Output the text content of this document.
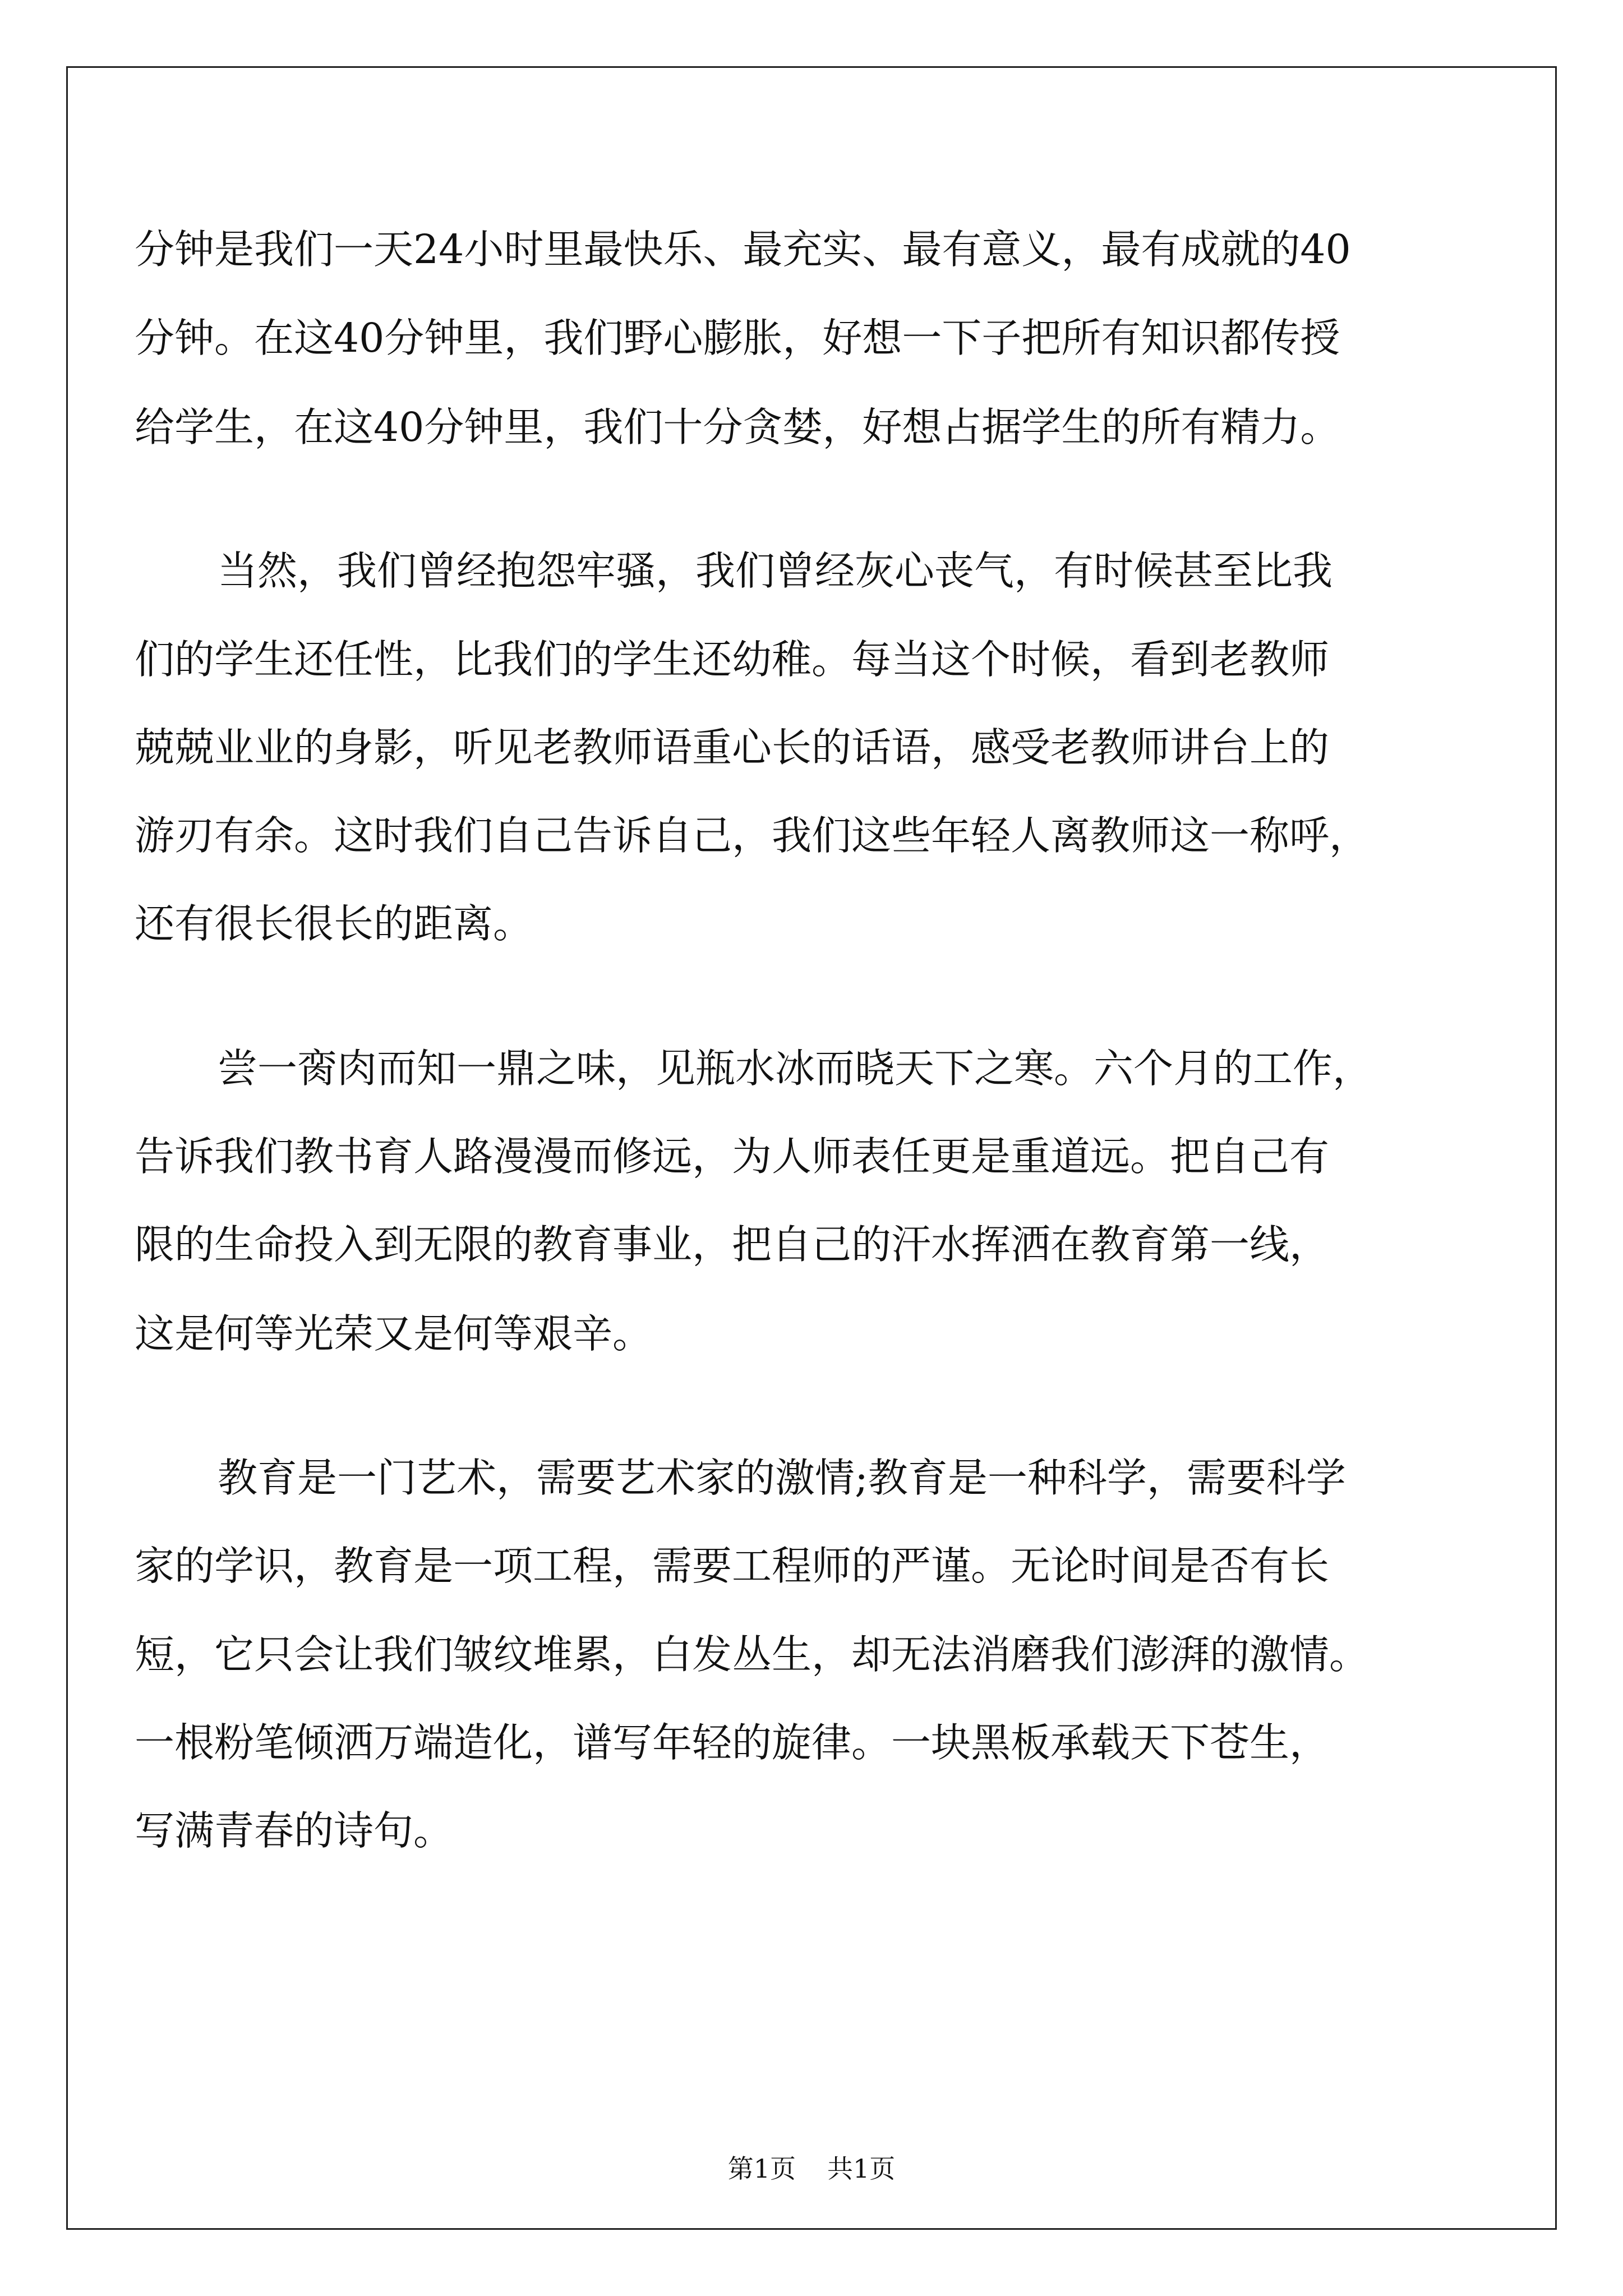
分钟是我们一天24小时里最快乐、最充实、最有意义，最有成就的40
分钟。在这40分钟里，我们野心膨胀，好想一下子把所有知识都传授
给学生，在这40分钟里，我们十分贪婪，好想占据学生的所有精力。
当然，我们曾经抱怨牢骚，我们曾经灰心丧气，有时候甚至比我
们的学生还任性，比我们的学生还幼稚。每当这个时候，看到老教师
兢兢业业的身影，听见老教师语重心长的话语，感受老教师讲台上的
游刃有余。这时我们自己告诉自己，我们这些年轻人离教师这一称呼，
还有很长很长的距离。
尝一脔肉而知一鼎之味，见瓶水冰而晓天下之寒。六个月的工作，
告诉我们教书育人路漫漫而修远，为人师表任更是重道远。把自己有
限的生命投入到无限的教育事业，把自己的汗水挥洒在教育第一线，
这是何等光荣又是何等艰辛。
教育是一门艺术，需要艺术家的激情;教育是一种科学，需要科学
家的学识，教育是一项工程，需要工程师的严谨。无论时间是否有长
短，它只会让我们皱纹堆累，白发丛生，却无法消磨我们澎湃的激情。
一根粉笔倾洒万端造化，谱写年轻的旋律。一块黑板承载天下苍生，
写满青春的诗句。
第1页 共1页
